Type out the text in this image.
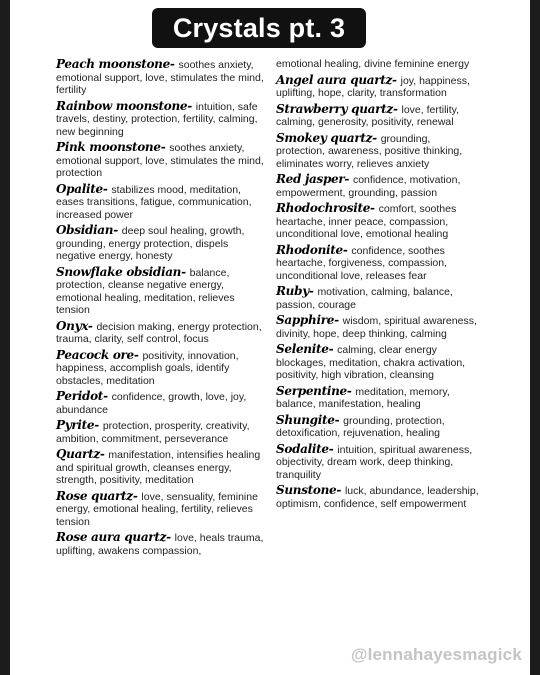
Crystals pt. 3
Peach moonstone- soothes anxiety, emotional support, love, stimulates the mind, fertility
Rainbow moonstone- intuition, safe travels, destiny, protection, fertility, calming, new beginning
Pink moonstone- soothes anxiety, emotional support, love, stimulates the mind, protection
Opalite- stabilizes mood, meditation, eases transitions, fatigue, communication, increased power
Obsidian- deep soul healing, growth, grounding, energy protection, dispels negative energy, honesty
Snowflake obsidian- balance, protection, cleanse negative energy, emotional healing, meditation, relieves tension
Onyx- decision making, energy protection, trauma, clarity, self control, focus
Peacock ore- positivity, innovation, happiness, accomplish goals, identify obstacles, meditation
Peridot- confidence, growth, love, joy, abundance
Pyrite- protection, prosperity, creativity, ambition, commitment, perseverance
Quartz- manifestation, intensifies healing and spiritual growth, cleanses energy, strength, positivity, meditation
Rose quartz- love, sensuality, feminine energy, emotional healing, fertility, relieves tension
Rose aura quartz- love, heals trauma, uplifting, awakens compassion,
emotional healing, divine feminine energy
Angel aura quartz- joy, happiness, uplifting, hope, clarity, transformation
Strawberry quartz- love, fertility, calming, generosity, positivity, renewal
Smokey quartz- grounding, protection, awareness, positive thinking, eliminates worry, relieves anxiety
Red jasper- confidence, motivation, empowerment, grounding, passion
Rhodochrosite- comfort, soothes heartache, inner peace, compassion, unconditional love, emotional healing
Rhodonite- confidence, soothes heartache, forgiveness, compassion, unconditional love, releases fear
Ruby- motivation, calming, balance, passion, courage
Sapphire- wisdom, spiritual awareness, divinity, hope, deep thinking, calming
Selenite- calming, clear energy blockages, meditation, chakra activation, positivity, high vibration, cleansing
Serpentine- meditation, memory, balance, manifestation, healing
Shungite- grounding, protection, detoxification, rejuvenation, healing
Sodalite- intuition, spiritual awareness, objectivity, dream work, deep thinking, tranquility
Sunstone- luck, abundance, leadership, optimism, confidence, self empowerment
@lennahayesmagick
